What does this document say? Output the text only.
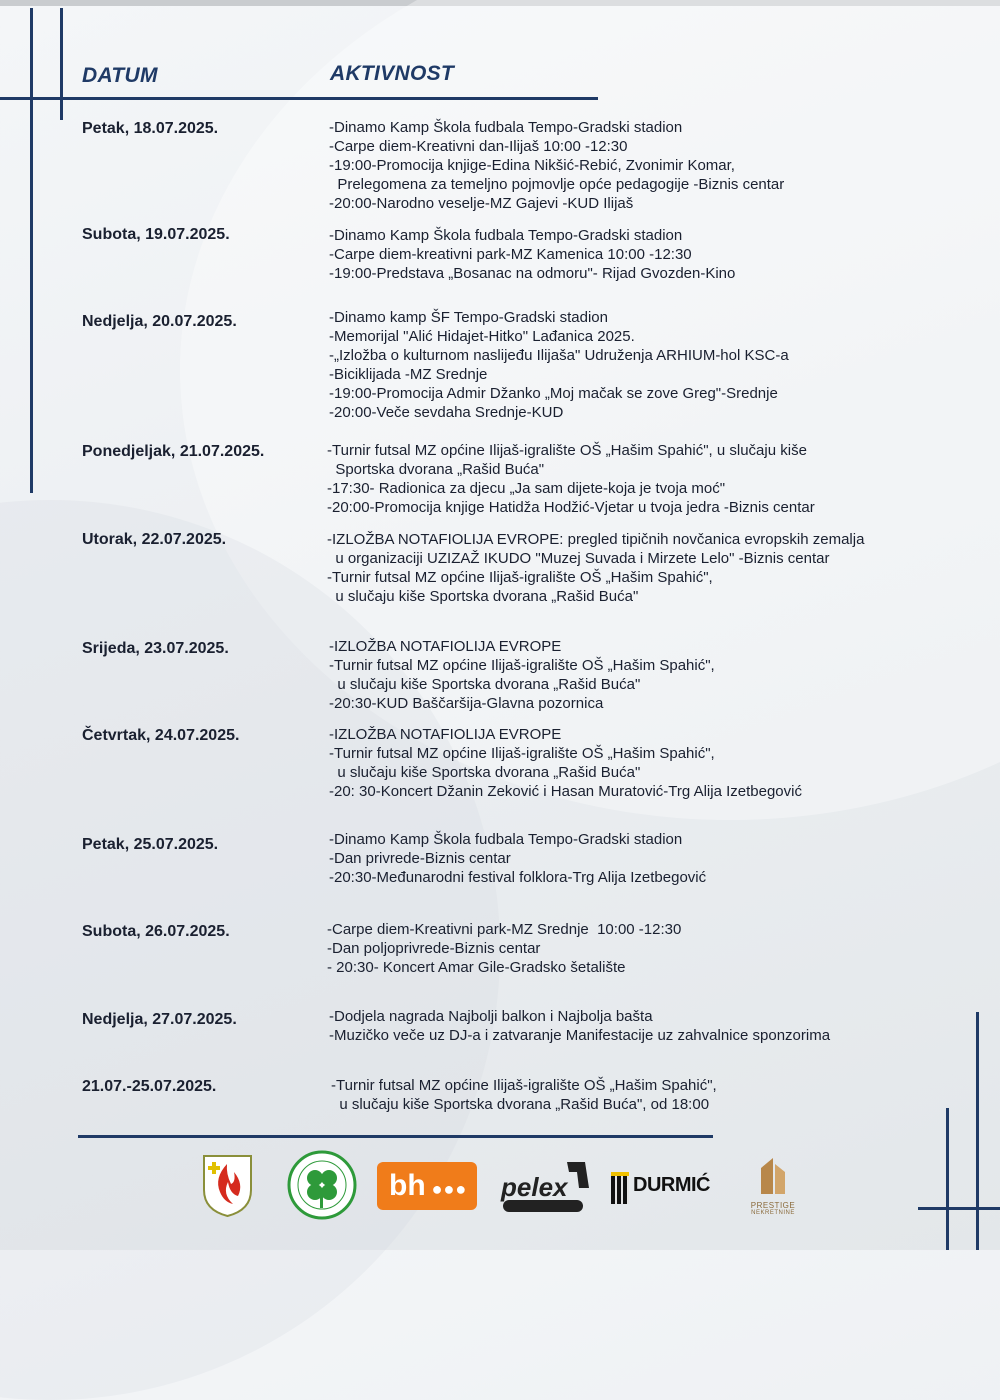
DATUM	AKTIVNOST
Petak, 18.07.2025.	-Dinamo Kamp Škola fudbala Tempo-Gradski stadion
-Carpe diem-Kreativni dan-Ilijaš 10:00 -12:30
-19:00-Promocija knjige-Edina Nikšić-Rebić, Zvonimir Komar,
Prelegomena za temeljno pojmovlje opće pedagogije -Biznis centar
-20:00-Narodno veselje-MZ Gajevi -KUD Ilijaš
Subota, 19.07.2025.	-Dinamo Kamp Škola fudbala Tempo-Gradski stadion
-Carpe diem-kreativni park-MZ Kamenica 10:00 -12:30
-19:00-Predstava „Bosanac na odmoru"- Rijad Gvozden-Kino
Nedjelja, 20.07.2025.	-Dinamo kamp ŠF Tempo-Gradski stadion
-Memorijal "Alić Hidajet-Hitko" Lađanica 2025.
-„Izložba o kulturnom naslijeđu Ilijaša" Udruženja ARHIUM-hol KSC-a
-Biciklijada -MZ Srednje
-19:00-Promocija Admir Džanko „Moj mačak se zove Greg"-Srednje
-20:00-Veče sevdaha Srednje-KUD
Ponedjeljak, 21.07.2025.	-Turnir futsal MZ općine Ilijaš-igralište OŠ „Hašim Spahić", u slučaju kiše
Sportska dvorana „Rašid Buća"
-17:30- Radionica za djecu „Ja sam dijete-koja je tvoja moć"
-20:00-Promocija knjige Hatidža Hodžić-Vjetar u tvoja jedra -Biznis centar
Utorak, 22.07.2025.	-IZLOŽBA NOTAFIOLIJA EVROPE: pregled tipičnih novčanica evropskih zemalja
u organizaciji UZIZAŽ IKUDO "Muzej Suvada i Mirzete Lelo" -Biznis centar
-Turnir futsal MZ općine Ilijaš-igralište OŠ „Hašim Spahić",
u slučaju kiše Sportska dvorana „Rašid Buća"
Srijeda, 23.07.2025.	-IZLOŽBA NOTAFIOLIJA EVROPE
-Turnir futsal MZ općine Ilijaš-igralište OŠ „Hašim Spahić",
u slučaju kiše Sportska dvorana „Rašid Buća"
-20:30-KUD Baščaršija-Glavna pozornica
Četvrtak, 24.07.2025.	-IZLOŽBA NOTAFIOLIJA EVROPE
-Turnir futsal MZ općine Ilijaš-igralište OŠ „Hašim Spahić",
u slučaju kiše Sportska dvorana „Rašid Buća"
-20: 30-Koncert Džanin Zeković i Hasan Muratović-Trg Alija Izetbegović
Petak, 25.07.2025.	-Dinamo Kamp Škola fudbala Tempo-Gradski stadion
-Dan privrede-Biznis centar
-20:30-Međunarodni festival folklora-Trg Alija Izetbegović
Subota, 26.07.2025.	-Carpe diem-Kreativni park-MZ Srednje  10:00 -12:30
-Dan poljoprivrede-Biznis centar
- 20:30- Koncert Amar Gile-Gradsko šetalište
Nedjelja, 27.07.2025.	-Dodjela nagrada Najbolji balkon i Najbolja bašta
-Muzičko veče uz DJ-a i zatvaranje Manifestacije uz zahvalnice sponzorima
21.07.-25.07.2025.	-Turnir futsal MZ općine Ilijaš-igralište OŠ „Hašim Spahić",
u slučaju kiše Sportska dvorana „Rašid Buća", od 18:00
bh ●●●	pelex	DURMIĆ
PRESTIGE
NEKRETNINE
